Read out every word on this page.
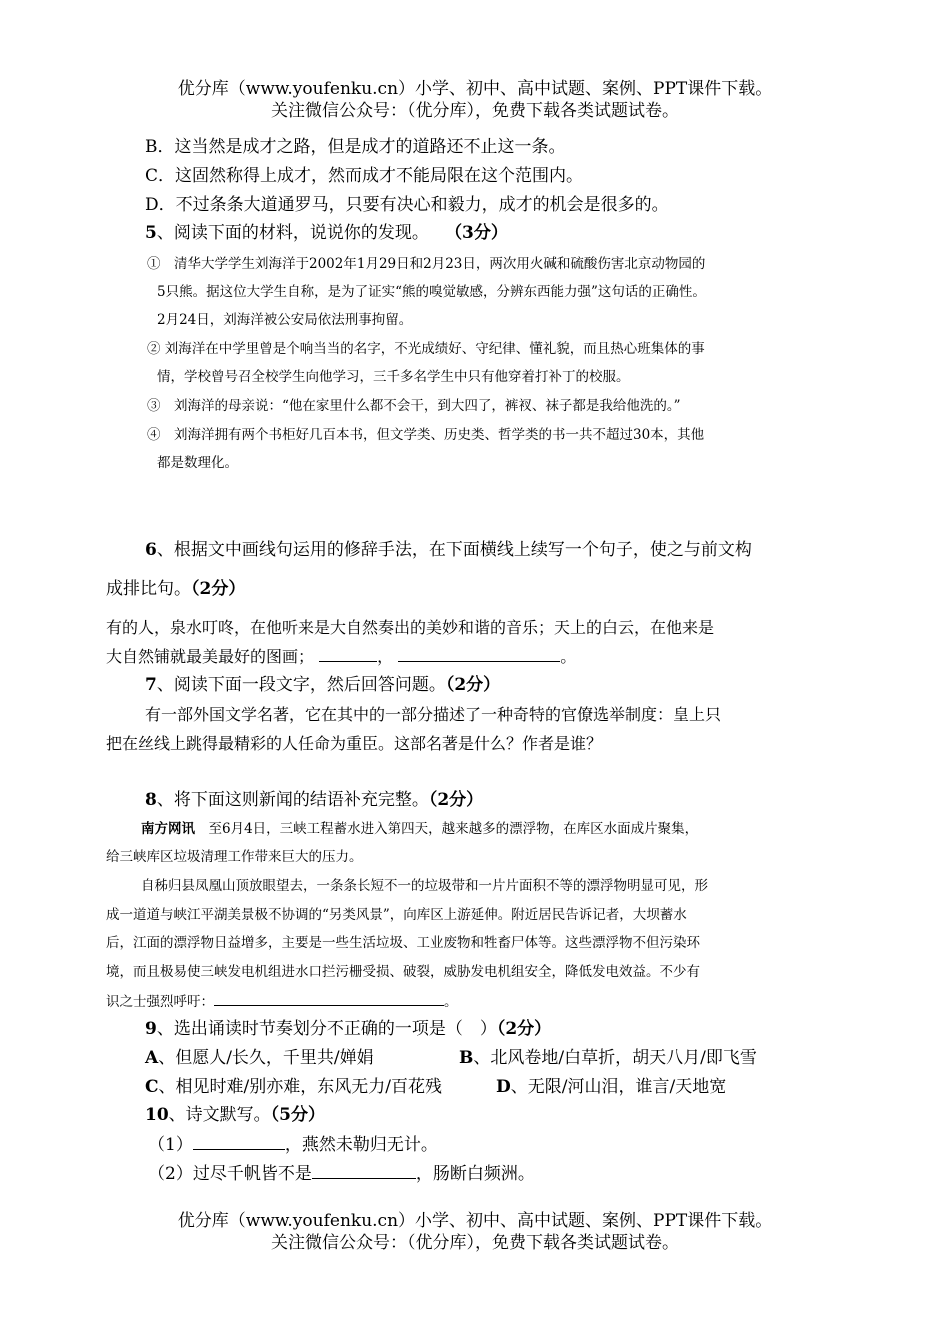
优分库（www.youfenku.cn）小学、初中、高中试题、案例、PPT课件下载。
关注微信公众号：（优分库），免费下载各类试题试卷。
B．这当然是成才之路，但是成才的道路还不止这一条。
C．这固然称得上成才，然而成才不能局限在这个范围内。
D．不过条条大道通罗马，只要有决心和毅力，成才的机会是很多的。
5、阅读下面的材料，说说你的发现。 （3分）
①　清华大学学生刘海洋于2002年1月29日和2月23日，两次用火碱和硫酸伤害北京动物园的
5只熊。据这位大学生自称，是为了证实“熊的嗅觉敏感，分辨东西能力强”这句话的正确性。
2月24日，刘海洋被公安局依法刑事拘留。
② 刘海洋在中学里曾是个响当当的名字，不光成绩好、守纪律、懂礼貌，而且热心班集体的事
情，学校曾号召全校学生向他学习，三千多名学生中只有他穿着打补丁的校服。
③　刘海洋的母亲说：“他在家里什么都不会干，到大四了，裤衩、袜子都是我给他洗的。”
④　刘海洋拥有两个书柜好几百本书，但文学类、历史类、哲学类的书一共不超过30本，其他
都是数理化。
6、根据文中画线句运用的修辞手法，在下面横线上续写一个句子，使之与前文构
成排比句。（2分）
有的人，泉水叮咚，在他听来是大自然奏出的美妙和谐的音乐；天上的白云，在他来是
大自然铺就最美最好的图画；	，	。
7、阅读下面一段文字，然后回答问题。（2分）
有一部外国文学名著，它在其中的一部分描述了一种奇特的官僚选举制度：皇上只
把在丝线上跳得最精彩的人任命为重臣。这部名著是什么？作者是谁？
8、将下面这则新闻的结语补充完整。（2分）
南方网讯　至6月4日，三峡工程蓄水进入第四天，越来越多的漂浮物，在库区水面成片聚集，
给三峡库区垃圾清理工作带来巨大的压力。
自秭归县凤凰山顶放眼望去，一条条长短不一的垃圾带和一片片面积不等的漂浮物明显可见，形
成一道道与峡江平湖美景极不协调的“另类风景”，向库区上游延伸。附近居民告诉记者，大坝蓄水
后，江面的漂浮物日益增多，主要是一些生活垃圾、工业废物和牲畜尸体等。这些漂浮物不但污染环
境，而且极易使三峡发电机组进水口拦污栅受损、破裂，威胁发电机组安全，降低发电效益。不少有
识之士强烈呼吁：	。
9、选出诵读时节奏划分不正确的一项是（　）（2分）
A、但愿人/长久，千里共/婵娟	B、北风卷地/白草折，胡天八月/即飞雪
C、相见时难/别亦难，东风无力/百花残	D、无限/河山泪，谁言/天地宽
10、诗文默写。（5分）
（1）	，燕然未勒归无计。
（2）过尽千帆皆不是	，肠断白频洲。
优分库（www.youfenku.cn）小学、初中、高中试题、案例、PPT课件下载。
关注微信公众号：（优分库），免费下载各类试题试卷。
